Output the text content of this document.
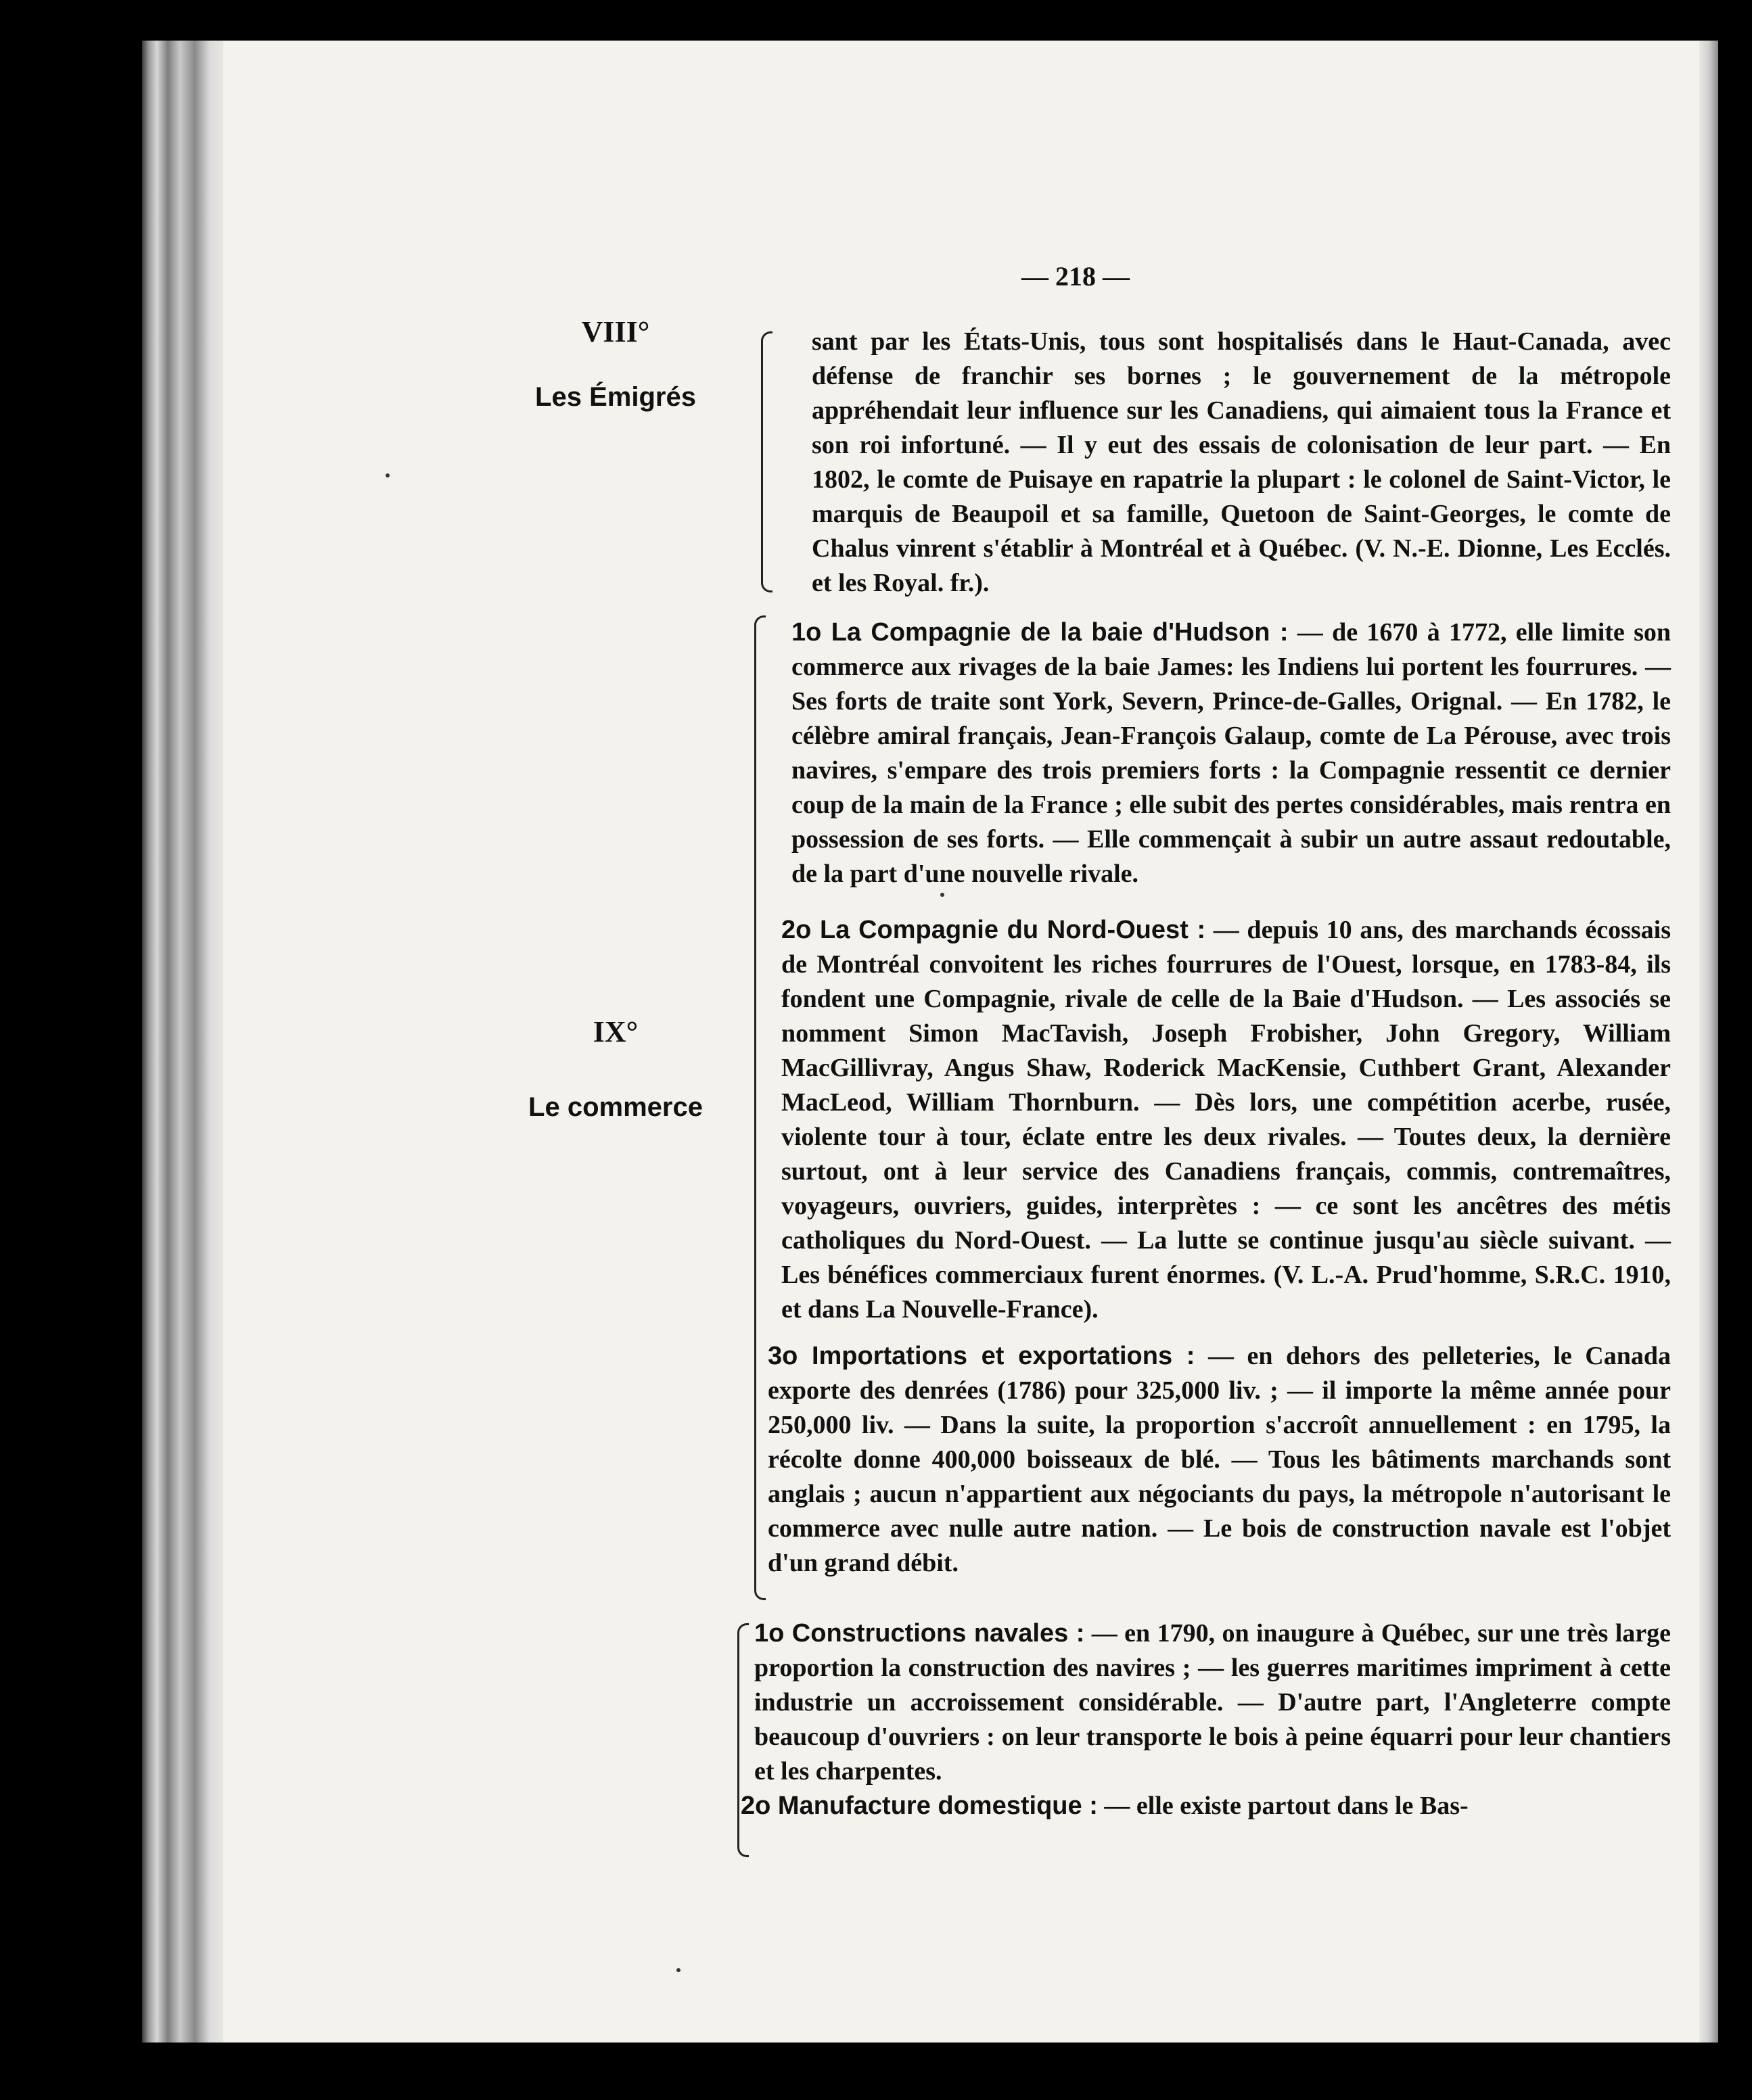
— 218 —
VIII°
Les Émigrés
sant par les États-Unis, tous sont hospitalisés dans le Haut-Canada, avec défense de franchir ses bornes ; le gouvernement de la métropole appréhendait leur influence sur les Canadiens, qui aimaient tous la France et son roi infortuné. — Il y eut des essais de colonisation de leur part. — En 1802, le comte de Puisaye en rapatrie la plupart : le colonel de Saint-Victor, le marquis de Beaupoil et sa famille, Quetoon de Saint-Georges, le comte de Chalus vinrent s'établir à Montréal et à Québec. (V. N.-E. Dionne, Les Ecclés. et les Royal. fr.).
IX°
Le commerce
1o La Compagnie de la baie d'Hudson : — de 1670 à 1772, elle limite son commerce aux rivages de la baie James: les Indiens lui portent les fourrures. — Ses forts de traite sont York, Severn, Prince-de-Galles, Orignal. — En 1782, le célèbre amiral français, Jean-François Galaup, comte de La Pérouse, avec trois navires, s'empare des trois premiers forts : la Compagnie ressentit ce dernier coup de la main de la France ; elle subit des pertes considérables, mais rentra en possession de ses forts. — Elle commençait à subir un autre assaut redoutable, de la part d'une nouvelle rivale.
2o La Compagnie du Nord-Ouest : — depuis 10 ans, des marchands écossais de Montréal convoitent les riches fourrures de l'Ouest, lorsque, en 1783-84, ils fondent une Compagnie, rivale de celle de la Baie d'Hudson. — Les associés se nomment Simon MacTavish, Joseph Frobisher, John Gregory, William MacGillivray, Angus Shaw, Roderick MacKensie, Cuthbert Grant, Alexander MacLeod, William Thornburn. — Dès lors, une compétition acerbe, rusée, violente tour à tour, éclate entre les deux rivales. — Toutes deux, la dernière surtout, ont à leur service des Canadiens français, commis, contremaîtres, voyageurs, ouvriers, guides, interprètes : — ce sont les ancêtres des métis catholiques du Nord-Ouest. — La lutte se continue jusqu'au siècle suivant. — Les bénéfices commerciaux furent énormes. (V. L.-A. Prud'homme, S.R.C. 1910, et dans La Nouvelle-France).
3o Importations et exportations : — en dehors des pelleteries, le Canada exporte des denrées (1786) pour 325,000 liv. ; — il importe la même année pour 250,000 liv. — Dans la suite, la proportion s'accroît annuellement : en 1795, la récolte donne 400,000 boisseaux de blé. — Tous les bâtiments marchands sont anglais ; aucun n'appartient aux négociants du pays, la métropole n'autorisant le commerce avec nulle autre nation. — Le bois de construction navale est l'objet d'un grand débit.
1o Constructions navales : — en 1790, on inaugure à Québec, sur une très large proportion la construction des navires ; — les guerres maritimes impriment à cette industrie un accroissement considérable. — D'autre part, l'Angleterre compte beaucoup d'ouvriers : on leur transporte le bois à peine équarri pour leur chantiers et les charpentes.
2o Manufacture domestique : — elle existe partout dans le Bas-
